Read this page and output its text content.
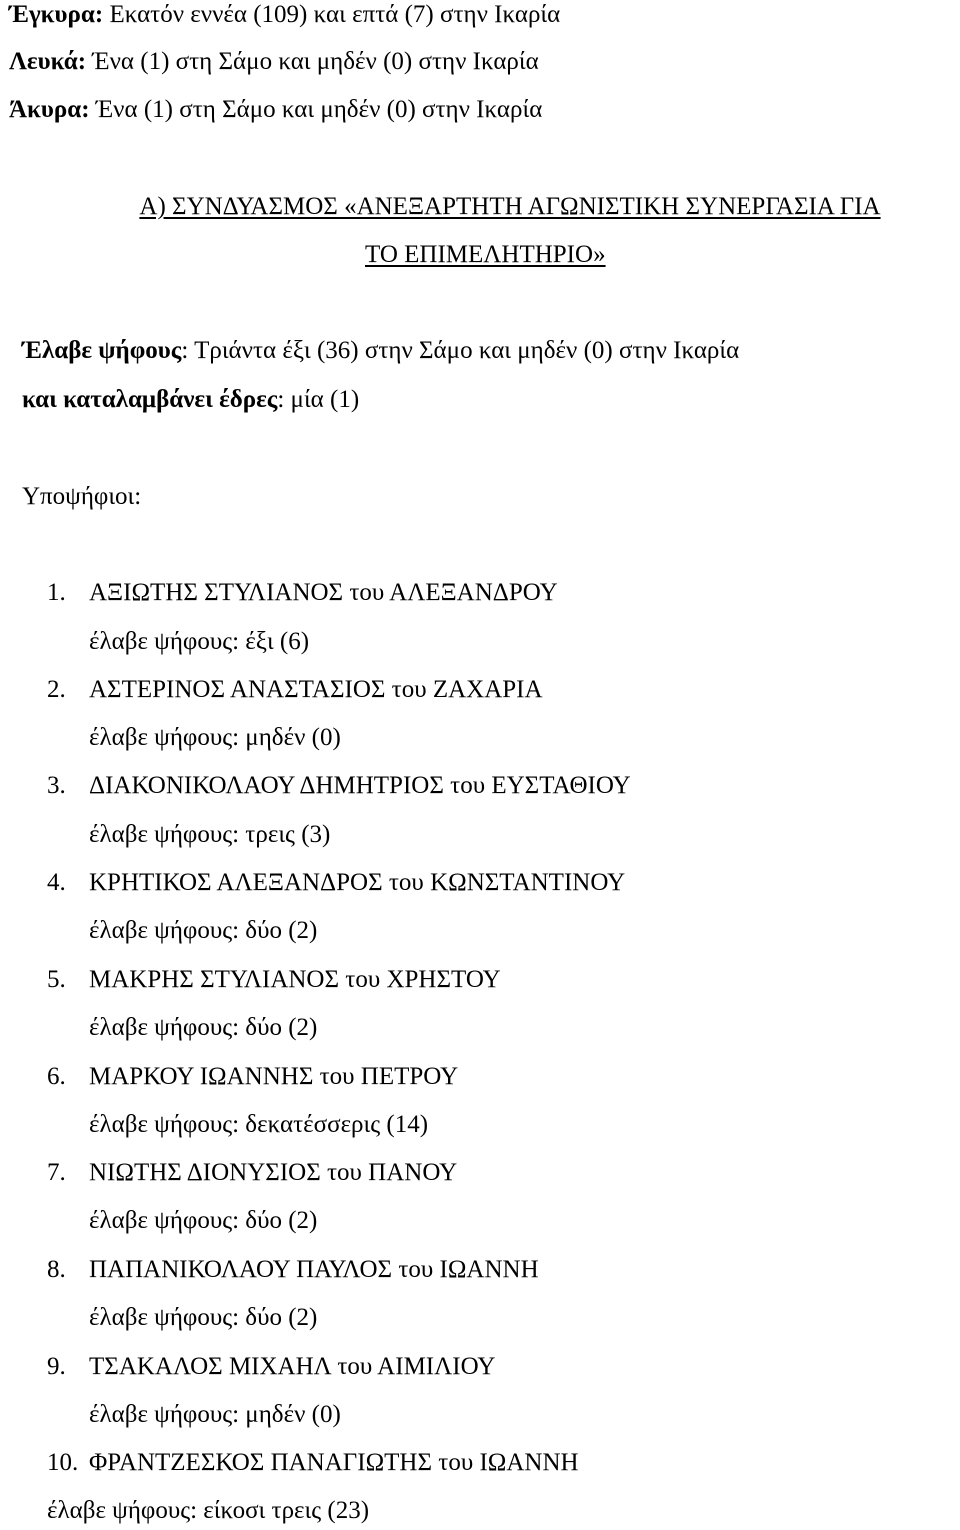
Έγκυρα: Εκατόν εννέα (109) και επτά (7) στην Ικαρία
Λευκά: Ένα (1) στη Σάμο και μηδέν (0) στην Ικαρία
Άκυρα: Ένα (1) στη Σάμο και μηδέν (0) στην Ικαρία
Α) ΣΥΝΔΥΑΣΜΟΣ «ΑΝΕΞΑΡΤΗΤΗ ΑΓΩΝΙΣΤΙΚΗ ΣΥΝΕΡΓΑΣΙΑ ΓΙΑ
ΤΟ ΕΠΙΜΕΛΗΤΗΡΙΟ»
Έλαβε ψήφους: Τριάντα έξι (36) στην Σάμο και μηδέν (0) στην Ικαρία
και καταλαμβάνει έδρες: μία (1)
Υποψήφιοι:
1. ΑΞΙΩΤΗΣ ΣΤΥΛΙΑΝΟΣ του ΑΛΕΞΑΝΔΡΟΥ
έλαβε ψήφους: έξι (6)
2. ΑΣΤΕΡΙΝΟΣ ΑΝΑΣΤΑΣΙΟΣ του ΖΑΧΑΡΙΑ
έλαβε ψήφους: μηδέν (0)
3. ΔΙΑΚΟΝΙΚΟΛΑΟΥ ΔΗΜΗΤΡΙΟΣ του ΕΥΣΤΑΘΙΟΥ
έλαβε ψήφους: τρεις (3)
4. ΚΡΗΤΙΚΟΣ ΑΛΕΞΑΝΔΡΟΣ του ΚΩΝΣΤΑΝΤΙΝΟΥ
έλαβε ψήφους: δύο (2)
5. ΜΑΚΡΗΣ ΣΤΥΛΙΑΝΟΣ του ΧΡΗΣΤΟΥ
έλαβε ψήφους: δύο (2)
6. ΜΑΡΚΟΥ ΙΩΑΝΝΗΣ του ΠΕΤΡΟΥ
έλαβε ψήφους: δεκατέσσερις (14)
7. ΝΙΩΤΗΣ ΔΙΟΝΥΣΙΟΣ του ΠΑΝΟΥ
έλαβε ψήφους: δύο (2)
8. ΠΑΠΑΝΙΚΟΛΑΟΥ ΠΑΥΛΟΣ του ΙΩΑΝΝΗ
έλαβε ψήφους: δύο (2)
9. ΤΣΑΚΑΛΟΣ ΜΙΧΑΗΛ του ΑΙΜΙΛΙΟΥ
έλαβε ψήφους: μηδέν (0)
10. ΦΡΑΝΤΖΕΣΚΟΣ ΠΑΝΑΓΙΩΤΗΣ του ΙΩΑΝΝΗ
έλαβε ψήφους: είκοσι τρεις (23)
